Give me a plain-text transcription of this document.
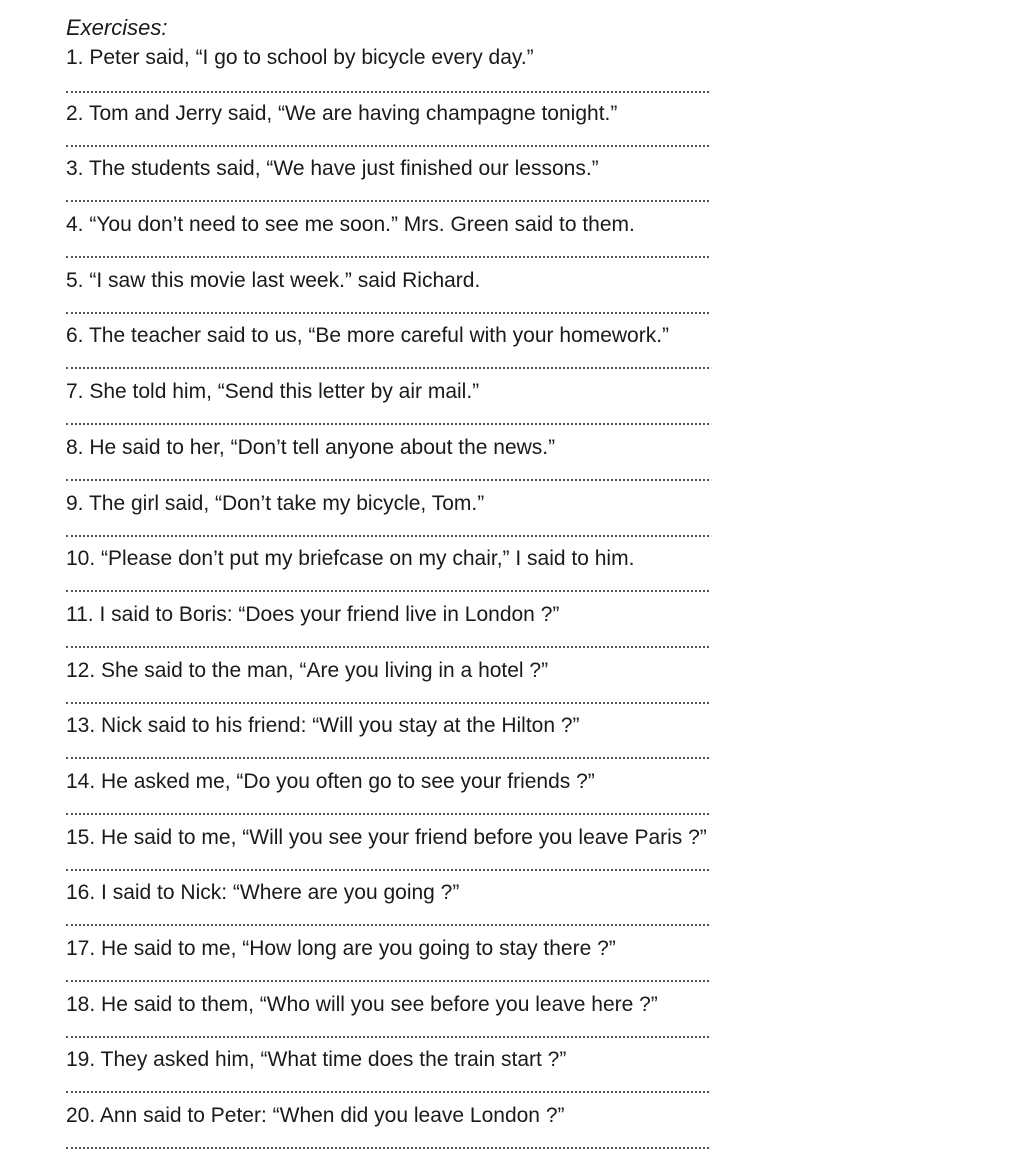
Exercises:

1. Peter said, “I go to school by bicycle every day.”

2. Tom and Jerry said, “We are having champagne tonight.”

3. The students said, “We have just finished our lessons.”

4. “You don’t need to see me soon.” Mrs. Green said to them.

5. “I saw this movie last week.” said Richard.

6. The teacher said to us, “Be more careful with your homework.”

7. She told him, “Send this letter by air mail.”

8. He said to her, “Don’t tell anyone about the news.”

9. The girl said, “Don’t take my bicycle, Tom.”

10. “Please don’t put my briefcase on my chair,” I said to him.

11. I said to Boris: “Does your friend live in London ?”

12. She said to the man, “Are you living in a hotel ?”

13. Nick said to his friend: “Will you stay at the Hilton ?”

14. He asked me, “Do you often go to see your friends ?”

15. He said to me, “Will you see your friend before you leave Paris ?”

16. I said to Nick: “Where are you going ?”

17. He said to me, “How long are you going to stay there ?”

18. He said to them, “Who will you see before you leave here ?”

19. They asked him, “What time does the train start ?”

20. Ann said to Peter: “When did you leave London ?”
